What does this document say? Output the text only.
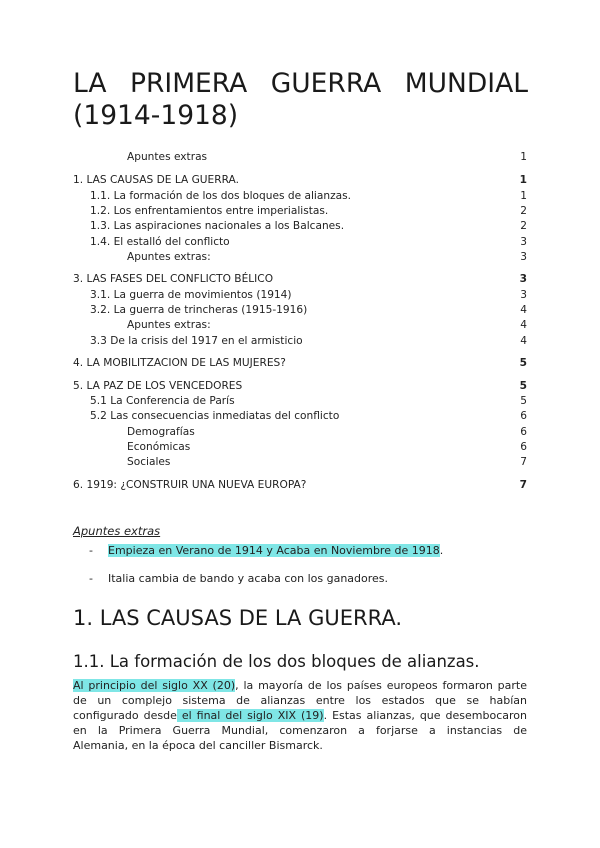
LA PRIMERA GUERRA MUNDIAL
(1914-1918)
Apuntes extras	1
1. LAS CAUSAS DE LA GUERRA.	1
1.1. La formación de los dos bloques de alianzas.	1
1.2. Los enfrentamientos entre imperialistas.	2
1.3. Las aspiraciones nacionales a los Balcanes.	2
1.4. El estalló del conflicto	3
Apuntes extras:	3
3. LAS FASES DEL CONFLICTO BÉLICO	3
3.1. La guerra de movimientos (1914)	3
3.2. La guerra de trincheras (1915-1916)	4
Apuntes extras:	4
3.3 De la crisis del 1917 en el armisticio	4
4. LA MOBILITZACION DE LAS MUJERES?	5
5. LA PAZ DE LOS VENCEDORES	5
5.1 La Conferencia de París	5
5.2 Las consecuencias inmediatas del conflicto	6
Demografías	6
Económicas	6
Sociales	7
6. 1919: ¿CONSTRUIR UNA NUEVA EUROPA?	7
Apuntes extras
- Empieza en Verano de 1914 y Acaba en Noviembre de 1918.
- Italia cambia de bando y acaba con los ganadores.
1. LAS CAUSAS DE LA GUERRA.
1.1. La formación de los dos bloques de alianzas.

Al principio del siglo XX (20), la mayoría de los países europeos formaron parte
de un complejo sistema de alianzas entre los estados que se habían
configurado desde el final del siglo XIX (19). Estas alianzas, que desembocaron
en la Primera Guerra Mundial, comenzaron a forjarse a instancias de
Alemania, en la época del canciller Bismarck.
